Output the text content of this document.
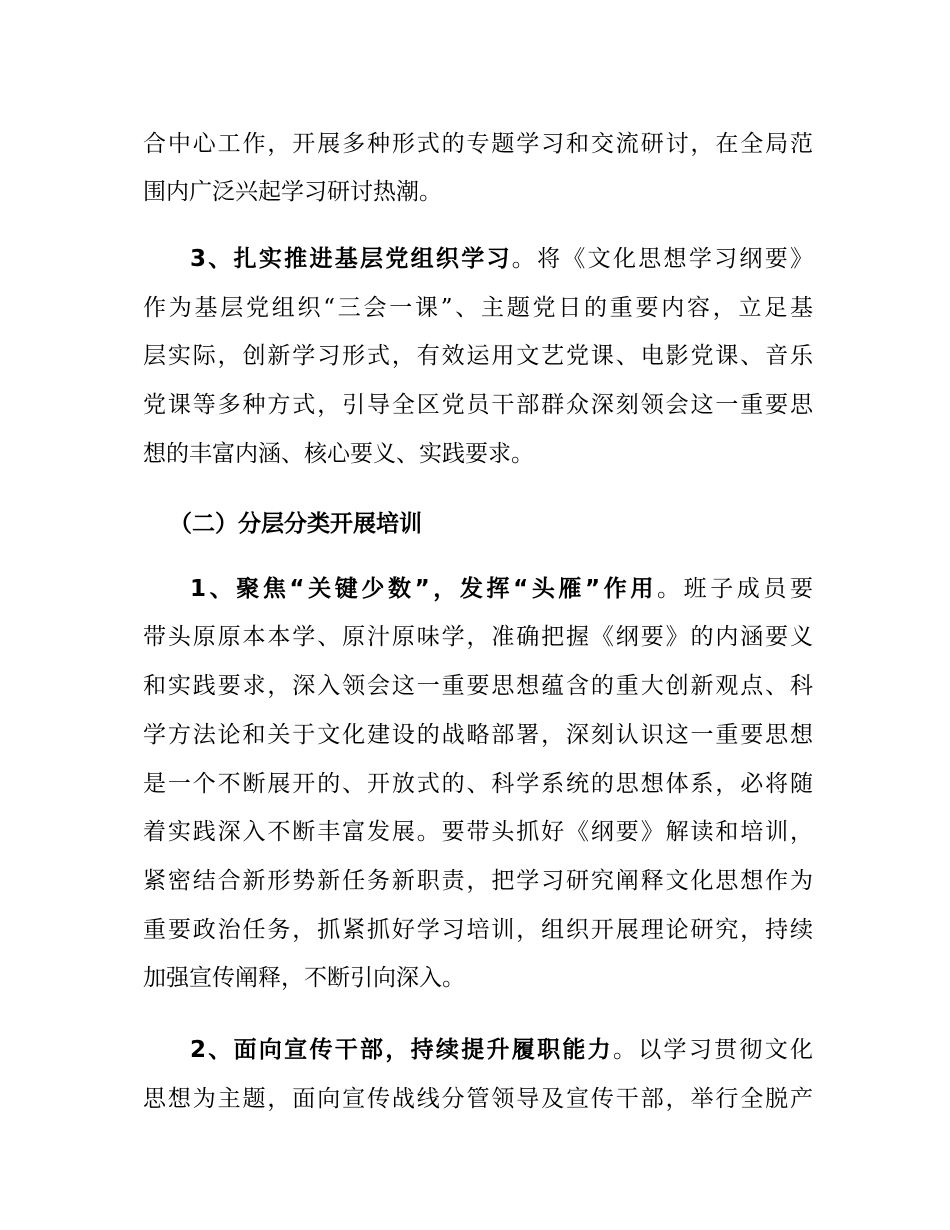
合中心工作，开展多种形式的专题学习和交流研讨，在全局范
围内广泛兴起学习研讨热潮。
3、扎实推进基层党组织学习。将《文化思想学习纲要》
作为基层党组织“三会一课”、主题党日的重要内容，立足基
层实际，创新学习形式，有效运用文艺党课、电影党课、音乐
党课等多种方式，引导全区党员干部群众深刻领会这一重要思
想的丰富内涵、核心要义、实践要求。
（二）分层分类开展培训
1、聚焦“关键少数”，发挥“头雁”作用。班子成员要
带头原原本本学、原汁原味学，准确把握《纲要》的内涵要义
和实践要求，深入领会这一重要思想蕴含的重大创新观点、科
学方法论和关于文化建设的战略部署，深刻认识这一重要思想
是一个不断展开的、开放式的、科学系统的思想体系，必将随
着实践深入不断丰富发展。要带头抓好《纲要》解读和培训，
紧密结合新形势新任务新职责，把学习研究阐释文化思想作为
重要政治任务，抓紧抓好学习培训，组织开展理论研究，持续
加强宣传阐释，不断引向深入。
2、面向宣传干部，持续提升履职能力。以学习贯彻文化
思想为主题，面向宣传战线分管领导及宣传干部，举行全脱产
